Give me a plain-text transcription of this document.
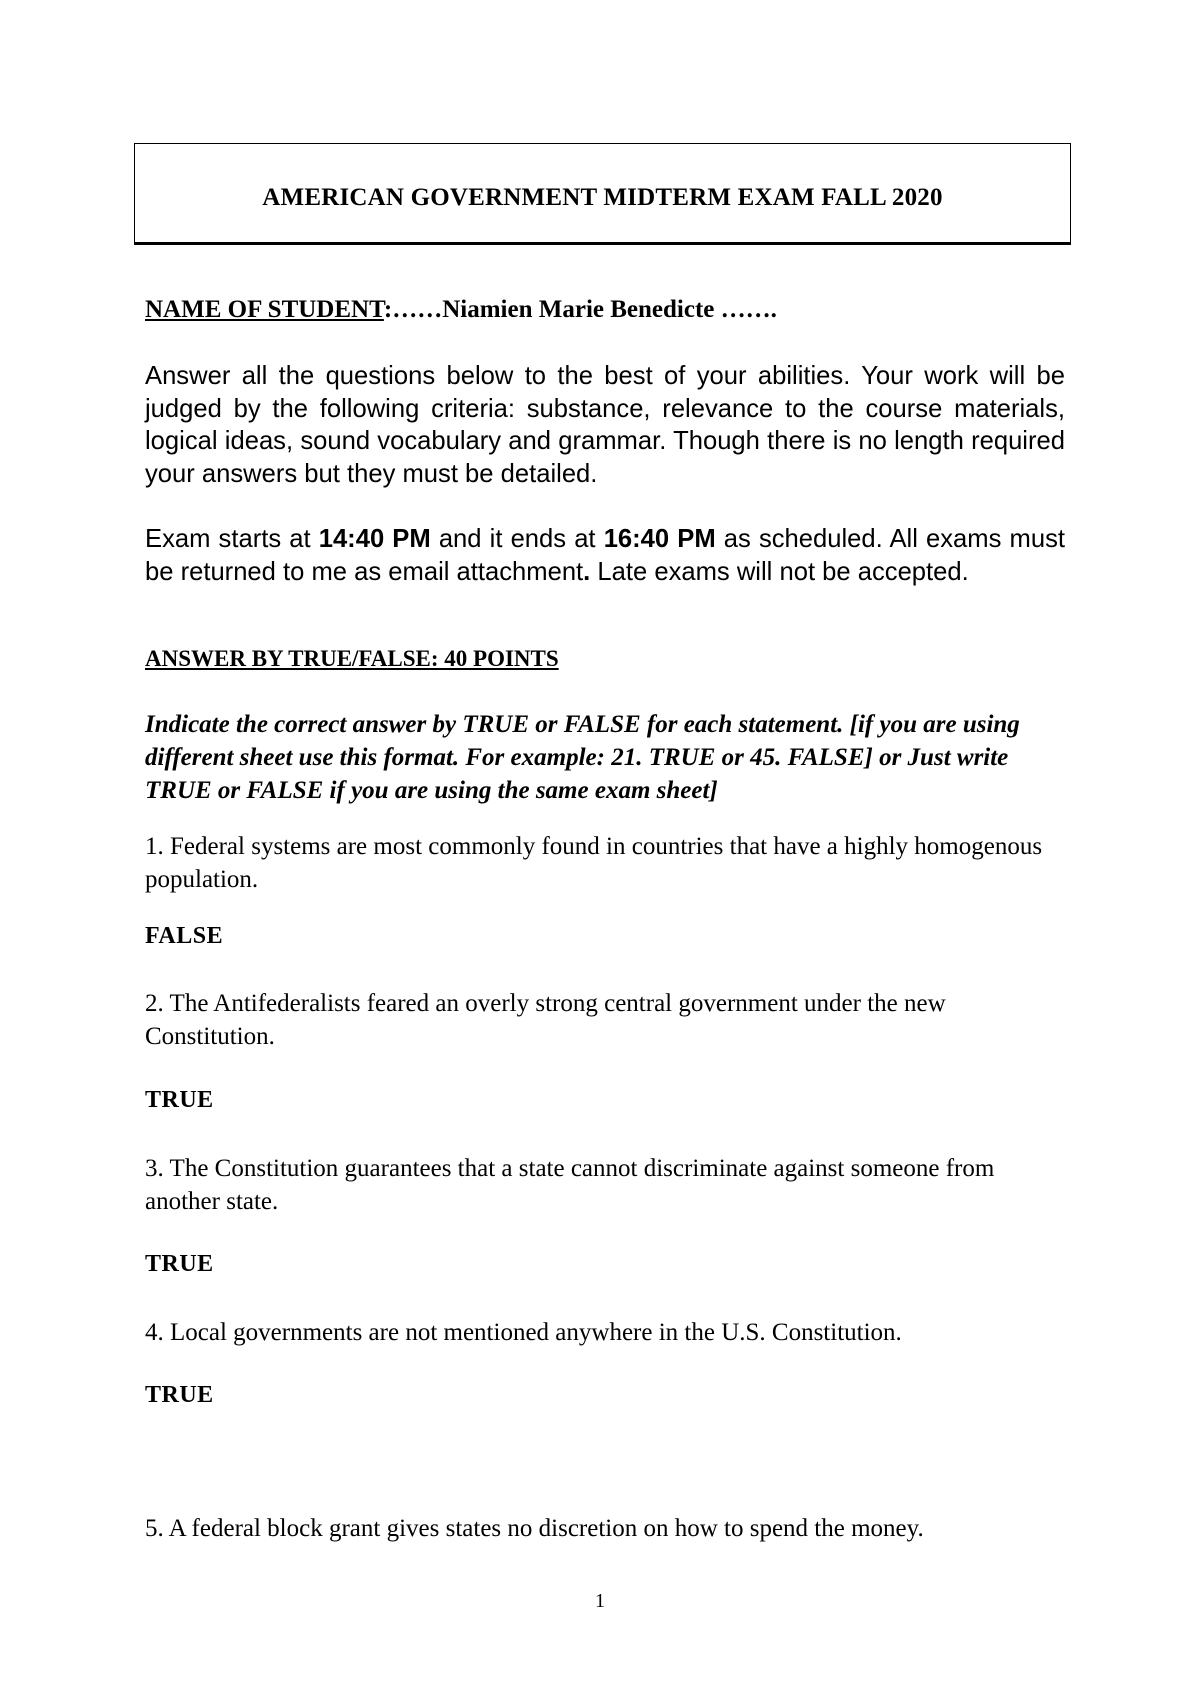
AMERICAN GOVERNMENT MIDTERM EXAM FALL 2020
NAME OF STUDENT:……Niamien Marie Benedicte …….
Answer all the questions below to the best of your abilities. Your work will be judged by the following criteria: substance, relevance to the course materials, logical ideas, sound vocabulary and grammar. Though there is no length required your answers but they must be detailed.
Exam starts at 14:40 PM and it ends at 16:40 PM as scheduled. All exams must be returned to me as email attachment. Late exams will not be accepted.
ANSWER BY TRUE/FALSE: 40 POINTS
Indicate the correct answer by TRUE or FALSE for each statement. [if you are using different sheet use this format. For example: 21. TRUE or 45. FALSE] or Just write TRUE or FALSE if you are using the same exam sheet]
1. Federal systems are most commonly found in countries that have a highly homogenous population.
FALSE
2. The Antifederalists feared an overly strong central government under the new Constitution.
TRUE
3. The Constitution guarantees that a state cannot discriminate against someone from another state.
TRUE
4. Local governments are not mentioned anywhere in the U.S. Constitution.
TRUE
5. A federal block grant gives states no discretion on how to spend the money.
1
